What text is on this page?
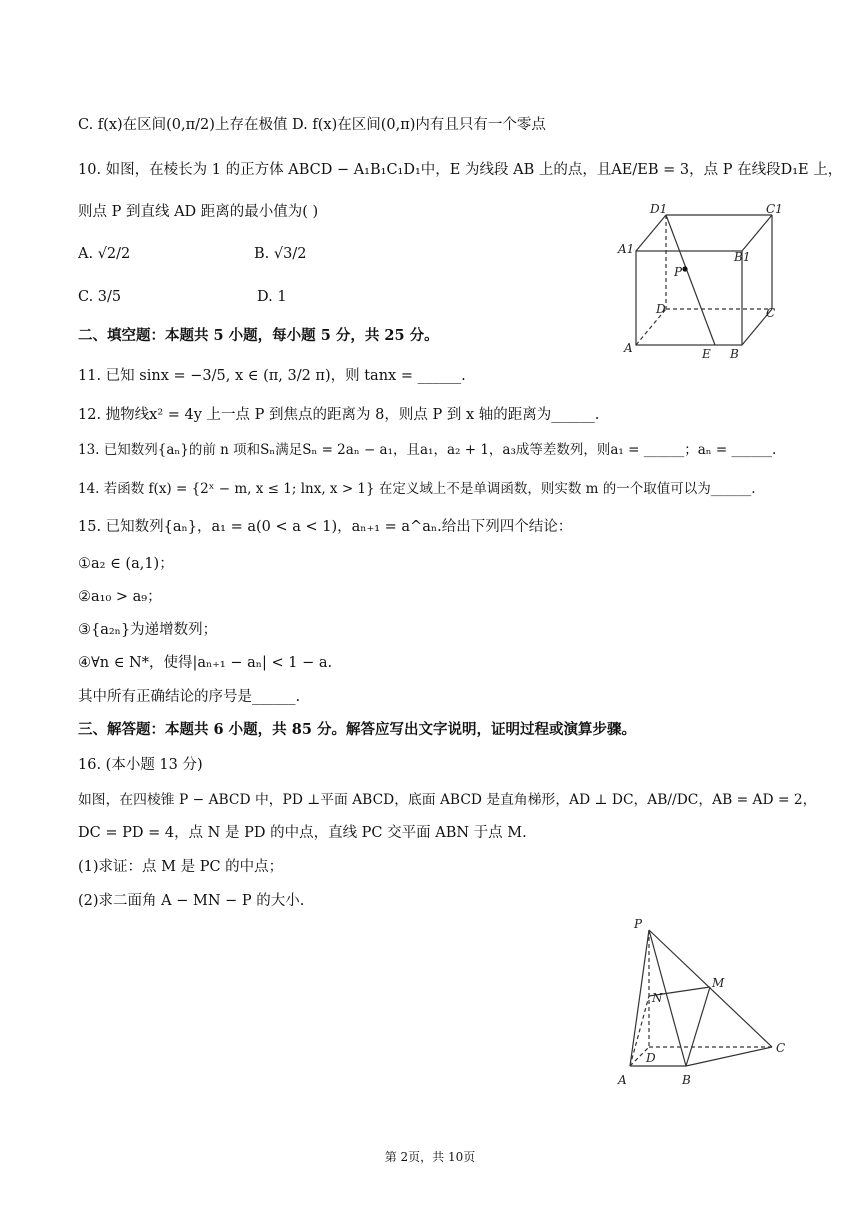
C. f(x)在区间(0,π/2)上存在极值 D. f(x)在区间(0,π)内有且只有一个零点
10. 如图，在棱长为 1 的正方体 ABCD − A₁B₁C₁D₁中，E 为线段 AB 上的点，且AE/EB = 3，点 P 在线段D₁E 上，
则点 P 到直线 AD 距离的最小值为( )
A. √2/2	B. √3/2
C. 3/5	D. 1
二、填空题：本题共 5 小题，每小题 5 分，共 25 分。
11. 已知 sinx = −3/5, x ∈ (π, 3/2 π)，则 tanx = ______.
12. 抛物线x² = 4y 上一点 P 到焦点的距离为 8，则点 P 到 x 轴的距离为______.
13. 已知数列{aₙ}的前 n 项和Sₙ满足Sₙ = 2aₙ − a₁，且a₁，a₂ + 1，a₃成等差数列，则a₁ = ______；aₙ = ______.
14. 若函数 f(x) = {2ˣ − m, x ≤ 1; lnx, x > 1} 在定义域上不是单调函数，则实数 m 的一个取值可以为______.
15. 已知数列{aₙ}，a₁ = a(0 < a < 1)，aₙ₊₁ = a^aₙ.给出下列四个结论：
①a₂ ∈ (a,1)；
②a₁₀ > a₉；
③{a₂ₙ}为递增数列；
④∀n ∈ N*，使得|aₙ₊₁ − aₙ| < 1 − a.
其中所有正确结论的序号是______.
三、解答题：本题共 6 小题，共 85 分。解答应写出文字说明，证明过程或演算步骤。
16. (本小题 13 分)
如图，在四棱锥 P − ABCD 中，PD ⊥平面 ABCD，底面 ABCD 是直角梯形，AD ⊥ DC，AB//DC，AB = AD = 2，
DC = PD = 4，点 N 是 PD 的中点，直线 PC 交平面 ABN 于点 M.
(1)求证：点 M 是 PC 的中点；
(2)求二面角 A − MN − P 的大小.
D1	C1
A1
B1
P
D	C
A	E B
P
M
N
D
C
A	B
第 2页，共 10页
